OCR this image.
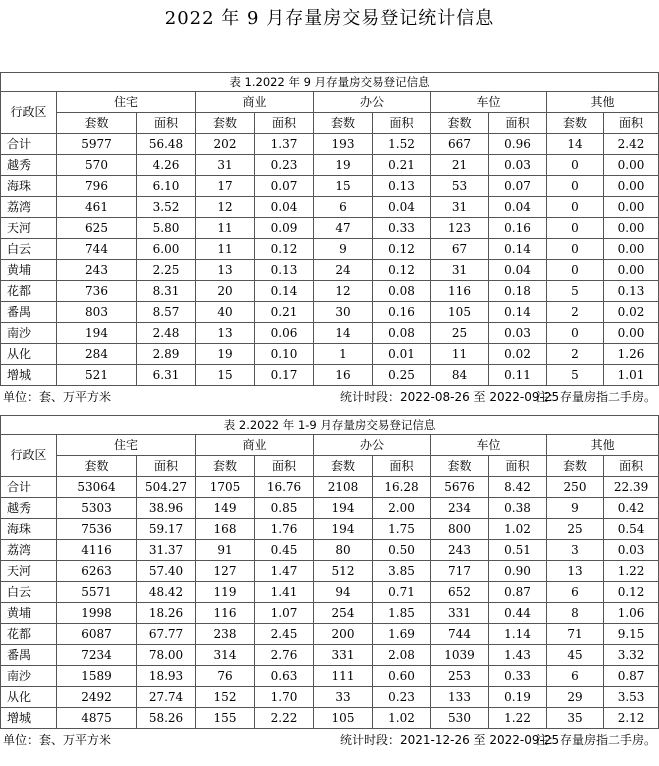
2022 年 9 月存量房交易登记统计信息
表 1.2022 年 9 月存量房交易登记信息										
行政区	住宅		商业		办公		车位		其他	
	套数	面积	套数	面积	套数	面积	套数	面积	套数	面积
合计	5977	56.48	202	1.37	193	1.52	667	0.96	14	2.42
越秀	570	4.26	31	0.23	19	0.21	21	0.03	0	0.00
海珠	796	6.10	17	0.07	15	0.13	53	0.07	0	0.00
荔湾	461	3.52	12	0.04	6	0.04	31	0.04	0	0.00
天河	625	5.80	11	0.09	47	0.33	123	0.16	0	0.00
白云	744	6.00	11	0.12	9	0.12	67	0.14	0	0.00
黄埔	243	2.25	13	0.13	24	0.12	31	0.04	0	0.00
花都	736	8.31	20	0.14	12	0.08	116	0.18	5	0.13
番禺	803	8.57	40	0.21	30	0.16	105	0.14	2	0.02
南沙	194	2.48	13	0.06	14	0.08	25	0.03	0	0.00
从化	284	2.89	19	0.10	1	0.01	11	0.02	2	1.26
增城	521	6.31	15	0.17	16	0.25	84	0.11	5	1.01
单位：套、万平方米	统计时段：2022-08-26 至 2022-09-25
注：存量房指二手房。
表 2.2022 年 1-9 月存量房交易登记信息										
行政区	住宅		商业		办公		车位		其他	
	套数	面积	套数	面积	套数	面积	套数	面积	套数	面积
合计	53064	504.27	1705	16.76	2108	16.28	5676	8.42	250	22.39
越秀	5303	38.96	149	0.85	194	2.00	234	0.38	9	0.42
海珠	7536	59.17	168	1.76	194	1.75	800	1.02	25	0.54
荔湾	4116	31.37	91	0.45	80	0.50	243	0.51	3	0.03
天河	6263	57.40	127	1.47	512	3.85	717	0.90	13	1.22
白云	5571	48.42	119	1.41	94	0.71	652	0.87	6	0.12
黄埔	1998	18.26	116	1.07	254	1.85	331	0.44	8	1.06
花都	6087	67.77	238	2.45	200	1.69	744	1.14	71	9.15
番禺	7234	78.00	314	2.76	331	2.08	1039	1.43	45	3.32
南沙	1589	18.93	76	0.63	111	0.60	253	0.33	6	0.87
从化	2492	27.74	152	1.70	33	0.23	133	0.19	29	3.53
增城	4875	58.26	155	2.22	105	1.02	530	1.22	35	2.12
单位：套、万平方米	统计时段：2021-12-26 至 2022-09-25
注：存量房指二手房。
